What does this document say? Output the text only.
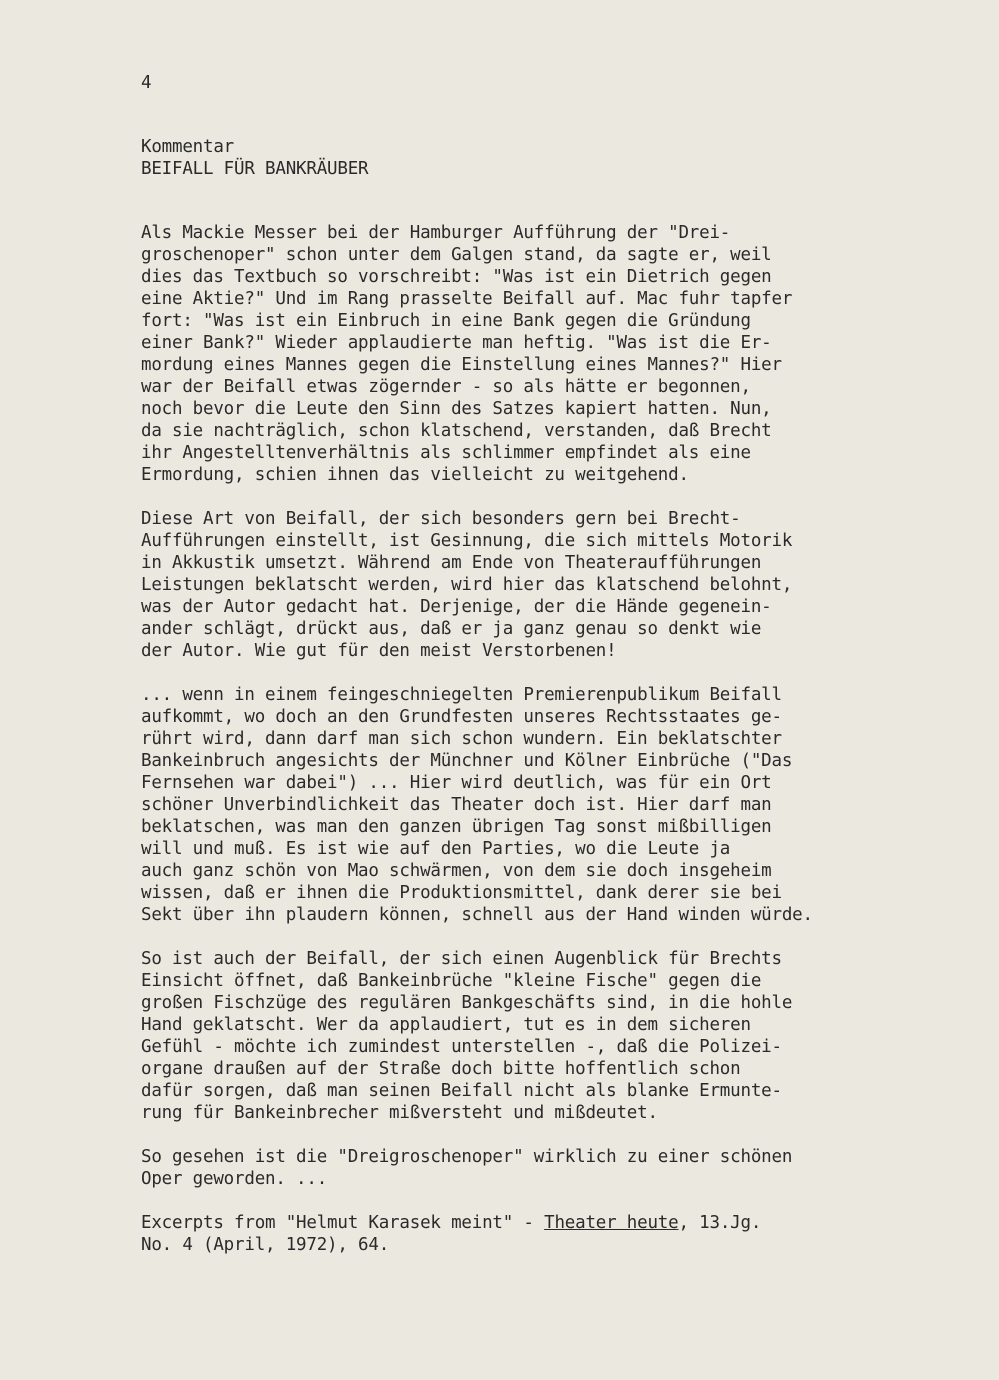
4
Kommentar
BEIFALL FÜR BANKRÄUBER
Als Mackie Messer bei der Hamburger Aufführung der "Drei-
groschenoper" schon unter dem Galgen stand, da sagte er, weil
dies das Textbuch so vorschreibt: "Was ist ein Dietrich gegen
eine Aktie?" Und im Rang prasselte Beifall auf. Mac fuhr tapfer
fort: "Was ist ein Einbruch in eine Bank gegen die Gründung
einer Bank?" Wieder applaudierte man heftig. "Was ist die Er-
mordung eines Mannes gegen die Einstellung eines Mannes?" Hier
war der Beifall etwas zögernder - so als hätte er begonnen,
noch bevor die Leute den Sinn des Satzes kapiert hatten. Nun,
da sie nachträglich, schon klatschend, verstanden, daß Brecht
ihr Angestelltenverhältnis als schlimmer empfindet als eine
Ermordung, schien ihnen das vielleicht zu weitgehend.
Diese Art von Beifall, der sich besonders gern bei Brecht-
Aufführungen einstellt, ist Gesinnung, die sich mittels Motorik
in Akkustik umsetzt. Während am Ende von Theateraufführungen
Leistungen beklatscht werden, wird hier das klatschend belohnt,
was der Autor gedacht hat. Derjenige, der die Hände gegenein-
ander schlägt, drückt aus, daß er ja ganz genau so denkt wie
der Autor. Wie gut für den meist Verstorbenen!
... wenn in einem feingeschniegelten Premierenpublikum Beifall
aufkommt, wo doch an den Grundfesten unseres Rechtsstaates ge-
rührt wird, dann darf man sich schon wundern. Ein beklatschter
Bankeinbruch angesichts der Münchner und Kölner Einbrüche ("Das
Fernsehen war dabei") ... Hier wird deutlich, was für ein Ort
schöner Unverbindlichkeit das Theater doch ist. Hier darf man
beklatschen, was man den ganzen übrigen Tag sonst mißbilligen
will und muß. Es ist wie auf den Parties, wo die Leute ja
auch ganz schön von Mao schwärmen, von dem sie doch insgeheim
wissen, daß er ihnen die Produktionsmittel, dank derer sie bei
Sekt über ihn plaudern können, schnell aus der Hand winden würde.
So ist auch der Beifall, der sich einen Augenblick für Brechts
Einsicht öffnet, daß Bankeinbrüche "kleine Fische" gegen die
großen Fischzüge des regulären Bankgeschäfts sind, in die hohle
Hand geklatscht. Wer da applaudiert, tut es in dem sicheren
Gefühl - möchte ich zumindest unterstellen -, daß die Polizei-
organe draußen auf der Straße doch bitte hoffentlich schon
dafür sorgen, daß man seinen Beifall nicht als blanke Ermunte-
rung für Bankeinbrecher mißversteht und mißdeutet.
So gesehen ist die "Dreigroschenoper" wirklich zu einer schönen
Oper geworden. ...
Excerpts from "Helmut Karasek meint" - Theater heute, 13.Jg.
No. 4 (April, 1972), 64.
